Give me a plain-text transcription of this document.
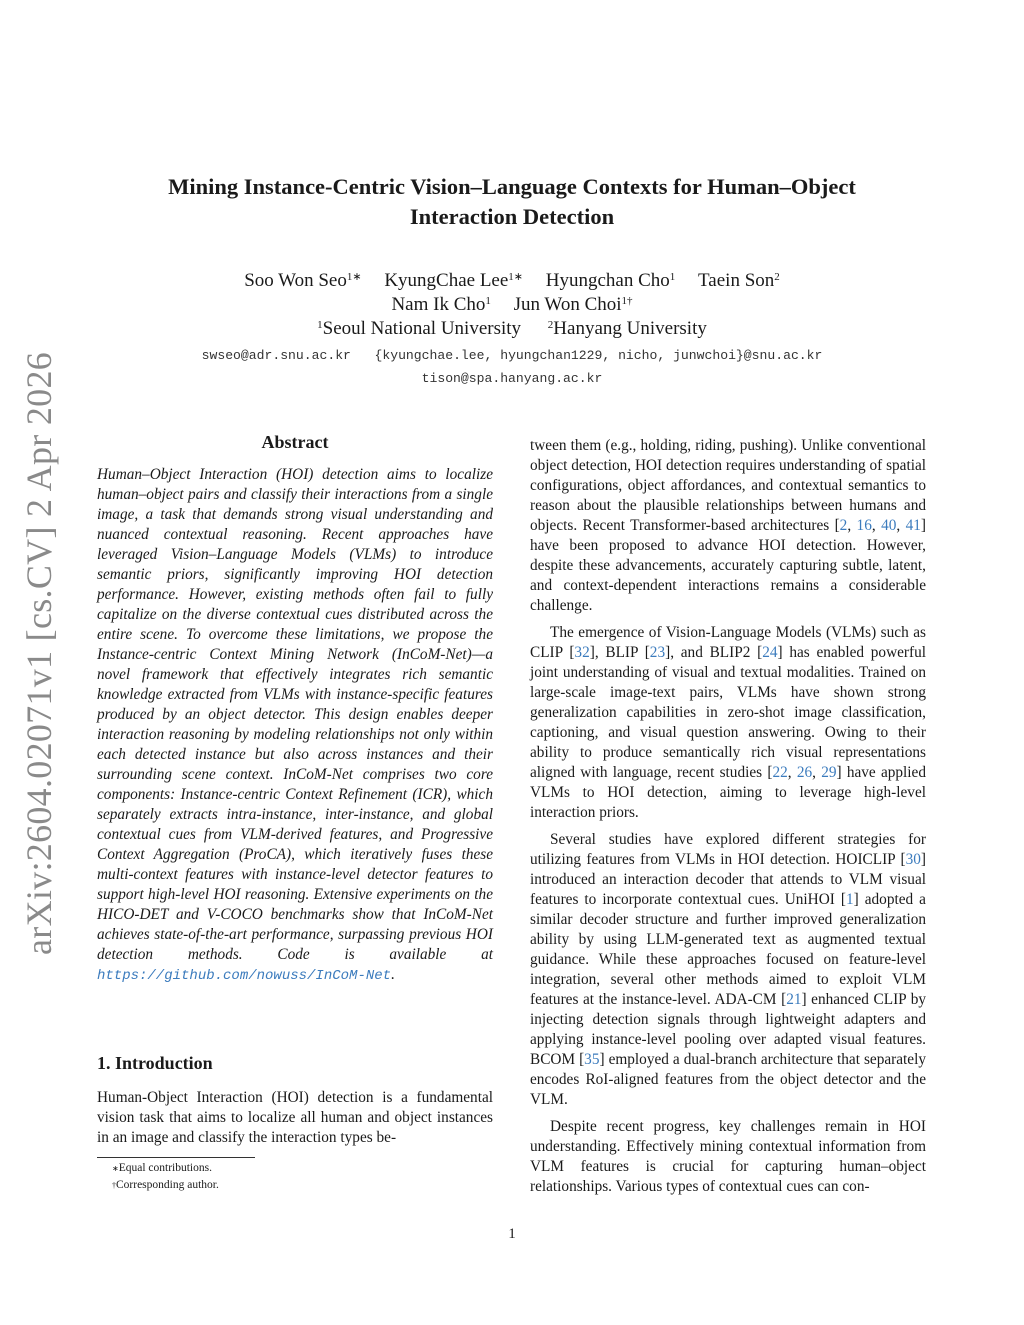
Mining Instance-Centric Vision–Language Contexts for Human–Object
Interaction Detection
Soo Won Seo$^{1∗}$ KyungChae Lee$^{1∗}$ Hyungchan Cho$^1$ Taein Son$^2$
Nam Ik Cho$^1$ Jun Won Choi$^{1\dagger}$
$^1$Seoul National University $^2$Hanyang University
swseo@adr.snu.ac.kr   {kyungchae.lee, hyungchan1229, nicho, junwchoi}@snu.ac.kr
tison@spa.hanyang.ac.kr
arXiv:2604.02071v1 [cs.CV] 2 Apr 2026	Abstract
Human–Object Interaction (HOI) detection aims to localize human–object pairs and classify their interactions from a single image, a task that demands strong visual understanding and nuanced contextual reasoning. Recent approaches have leveraged Vision–Language Models (VLMs) to introduce semantic priors, significantly improving HOI detection performance. However, existing methods often fail to fully capitalize on the diverse contextual cues distributed across the entire scene. To overcome these limitations, we propose the Instance-centric Context Mining Network (InCoM-Net)—a novel framework that effectively integrates rich semantic knowledge extracted from VLMs with instance-specific features produced by an object detector. This design enables deeper interaction reasoning by modeling relationships not only within each detected instance but also across instances and their surrounding scene context. InCoM-Net comprises two core components: Instance-centric Context Refinement (ICR), which separately extracts intra-instance, inter-instance, and global contextual cues from VLM-derived features, and Progressive Context Aggregation (ProCA), which iteratively fuses these multi-context features with instance-level detector features to support high-level HOI reasoning. Extensive experiments on the HICO-DET and V-COCO benchmarks show that InCoM-Net achieves state-of-the-art performance, surpassing previous HOI detection methods. Code is available at https://github.com/nowuss/InCoM-Net.
1. Introduction
Human-Object Interaction (HOI) detection is a fundamental vision task that aims to localize all human and object instances in an image and classify the interaction types be-
∗Equal contributions.
†Corresponding author.

tween them (e.g., holding, riding, pushing). Unlike conventional object detection, HOI detection requires understanding of spatial configurations, object affordances, and contextual semantics to reason about the plausible relationships between humans and objects. Recent Transformer-based architectures [2, 16, 40, 41] have been proposed to advance HOI detection. However, despite these advancements, accurately capturing subtle, latent, and context-dependent interactions remains a considerable challenge.

The emergence of Vision-Language Models (VLMs) such as CLIP [32], BLIP [23], and BLIP2 [24] has enabled powerful joint understanding of visual and textual modalities. Trained on large-scale image-text pairs, VLMs have shown strong generalization capabilities in zero-shot image classification, captioning, and visual question answering. Owing to their ability to produce semantically rich visual representations aligned with language, recent studies [22, 26, 29] have applied VLMs to HOI detection, aiming to leverage high-level interaction priors.

Several studies have explored different strategies for utilizing features from VLMs in HOI detection. HOICLIP [30] introduced an interaction decoder that attends to VLM visual features to incorporate contextual cues. UniHOI [1] adopted a similar decoder structure and further improved generalization ability by using LLM-generated text as augmented textual guidance. While these approaches focused on feature-level integration, several other methods aimed to exploit VLM features at the instance-level. ADA-CM [21] enhanced CLIP by injecting detection signals through lightweight adapters and applying instance-level pooling over adapted visual features. BCOM [35] employed a dual-branch architecture that separately encodes RoI-aligned features from the object detector and the VLM.

Despite recent progress, key challenges remain in HOI understanding. Effectively mining contextual information from VLM features is crucial for capturing human–object relationships. Various types of contextual cues can con-

1
